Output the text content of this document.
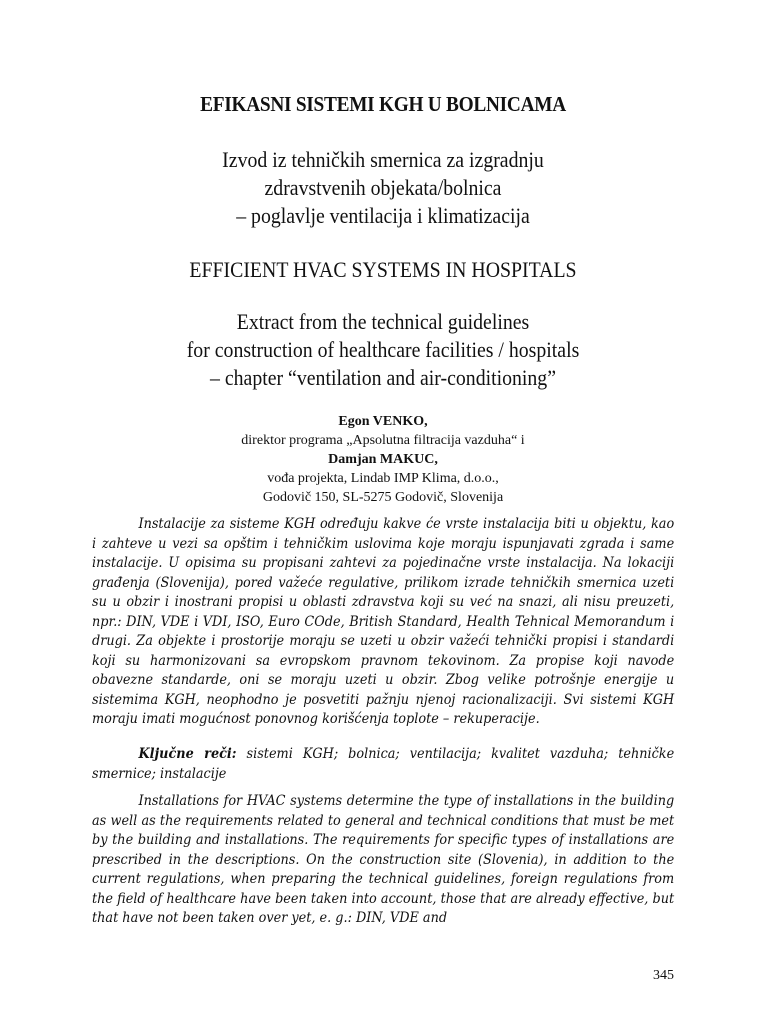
EFIKASNI SISTEMI KGH U BOLNICAMA
Izvod iz tehničkih smernica za izgradnju
zdravstvenih objekata/bolnica
– poglavlje ventilacija i klimatizacija
EFFICIENT HVAC SYSTEMS IN HOSPITALS
Extract from the technical guidelines
for construction of healthcare facilities / hospitals
– chapter “ventilation and air-conditioning”
Egon VENKO,
direktor programa „Apsolutna filtracija vazduha“ i
Damjan MAKUC,
vođa projekta, Lindab IMP Klima, d.o.o.,
Godovič 150, SL-5275 Godovič, Slovenija
Instalacije za sisteme KGH određuju kakve će vrste instalacija biti u objektu, kao i zahteve u vezi sa opštim i tehničkim uslovima koje moraju ispunjavati zgrada i same instalacije. U opisima su propisani zahtevi za pojedinačne vrste instalacija. Na lokaciji građenja (Slovenija), pored važeće regulative, prilikom izrade tehničkih smernica uzeti su u obzir i inostrani propisi u oblasti zdravstva koji su već na snazi, ali nisu preuzeti, npr.: DIN, VDE i VDI, ISO, Euro COde, British Standard, Health Tehnical Memorandum i drugi. Za objekte i prostorije moraju se uzeti u obzir važeći tehnički propisi i standardi koji su harmonizovani sa evropskom pravnom tekovinom. Za propise koji navode obavezne standarde, oni se moraju uzeti u obzir. Zbog velike potrošnje energije u sistemima KGH, neophodno je posvetiti pažnju njenoj racionalizaciji. Svi sistemi KGH moraju imati mogućnost ponovnog korišćenja toplote – rekuperacije.
Ključne reči: sistemi KGH; bolnica; ventilacija; kvalitet vazduha; tehničke smernice; instalacije
Installations for HVAC systems determine the type of installations in the building as well as the requirements related to general and technical conditions that must be met by the building and installations. The requirements for specific types of installations are prescribed in the descriptions. On the construction site (Slovenia), in addition to the current regulations, when preparing the technical guidelines, foreign regulations from the field of healthcare have been taken into account, those that are already effective, but that have not been taken over yet, e. g.: DIN, VDE and
345
